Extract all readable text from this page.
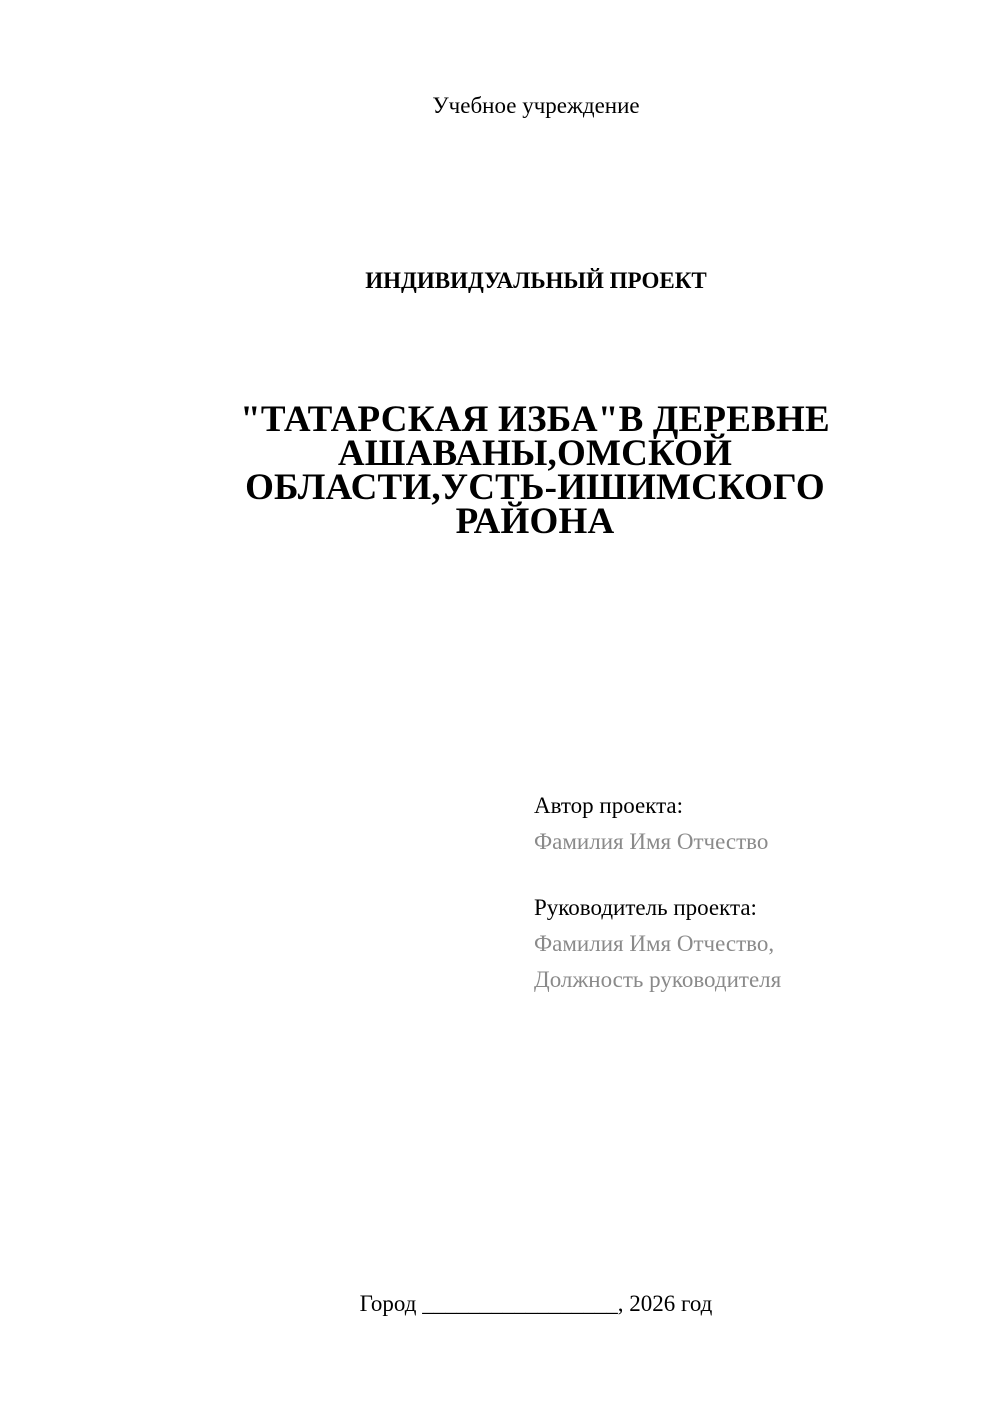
Учебное учреждение
ИНДИВИДУАЛЬНЫЙ ПРОЕКТ
"ТАТАРСКАЯ ИЗБА"В ДЕРЕВНЕ
АШАВАНЫ,ОМСКОЙ
ОБЛАСТИ,УСТЬ-ИШИМСКОГО
РАЙОНА
Автор проекта:
Фамилия Имя Отчество
Руководитель проекта:
Фамилия Имя Отчество,
Должность руководителя
Город _________________, 2026 год
